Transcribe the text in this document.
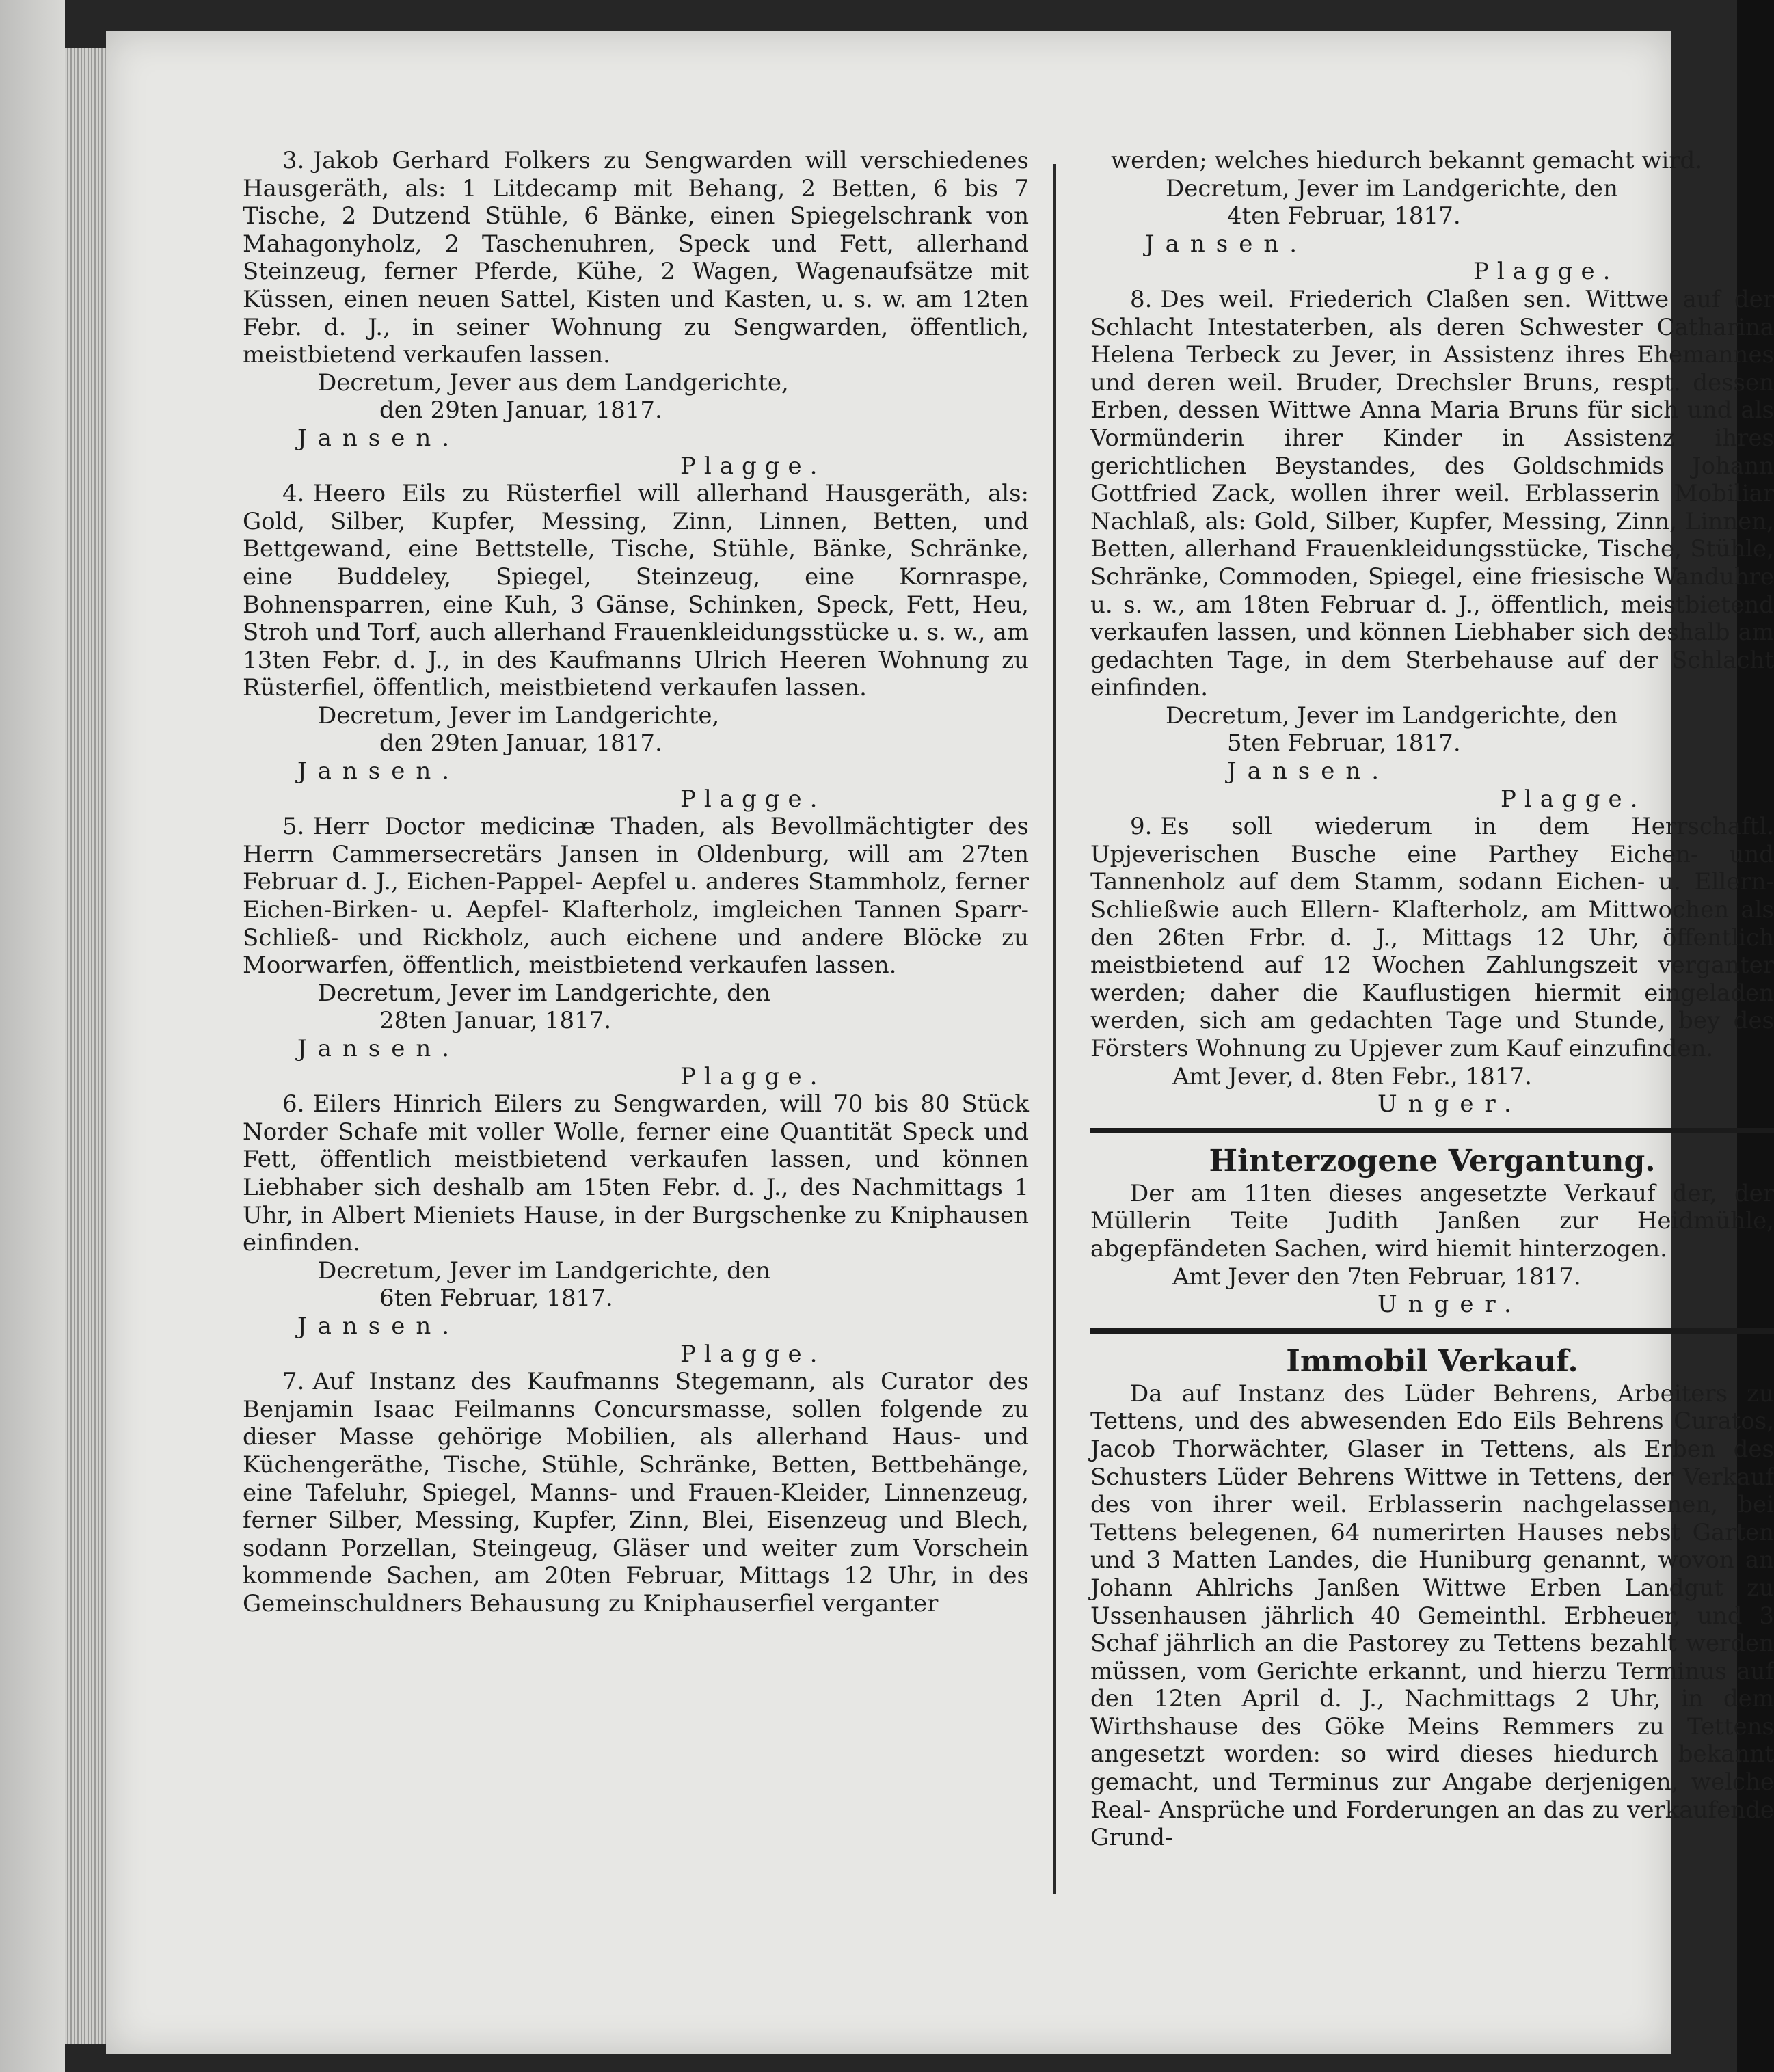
3. Jakob Gerhard Folkers zu Sengwarden will verschiedenes Hausgeräth, als: 1 Litdecamp mit Behang, 2 Betten, 6 bis 7 Tische, 2 Dutzend Stühle, 6 Bänke, einen Spiegelschrank von Mahagonyholz, 2 Taschenuhren, Speck und Fett, allerhand Steinzeug, ferner Pferde, Kühe, 2 Wagen, Wagenaufsätze mit Küssen, einen neuen Sattel, Kisten und Kasten, u. s. w. am 12ten Febr. d. J., in seiner Wohnung zu Sengwarden, öffentlich, meistbietend verkaufen lassen.

Decretum, Jever aus dem Landgerichte,

den 29ten Januar, 1817.

Jansen.

Plagge.

4. Heero Eils zu Rüsterfiel will allerhand Hausgeräth, als: Gold, Silber, Kupfer, Messing, Zinn, Linnen, Betten, und Bettgewand, eine Bettstelle, Tische, Stühle, Bänke, Schränke, eine Buddeley, Spiegel, Steinzeug, eine Kornraspe, Bohnensparren, eine Kuh, 3 Gänse, Schinken, Speck, Fett, Heu, Stroh und Torf, auch allerhand Frauenkleidungsstücke u. s. w., am 13ten Febr. d. J., in des Kaufmanns Ulrich Heeren Wohnung zu Rüsterfiel, öffentlich, meistbietend verkaufen lassen.

Decretum, Jever im Landgerichte,

den 29ten Januar, 1817.

Jansen.

Plagge.

5. Herr Doctor medicinæ Thaden, als Bevollmächtigter des Herrn Cammersecretärs Jansen in Oldenburg, will am 27ten Februar d. J., Eichen-Pappel- Aepfel u. anderes Stammholz, ferner Eichen-Birken- u. Aepfel- Klafterholz, imgleichen Tannen Sparr- Schließ- und Rickholz, auch eichene und andere Blöcke zu Moorwarfen, öffentlich, meistbietend verkaufen lassen.

Decretum, Jever im Landgerichte, den

28ten Januar, 1817.

Jansen.

Plagge.

6. Eilers Hinrich Eilers zu Sengwarden, will 70 bis 80 Stück Norder Schafe mit voller Wolle, ferner eine Quantität Speck und Fett, öffentlich meistbietend verkaufen lassen, und können Liebhaber sich deshalb am 15ten Febr. d. J., des Nachmittags 1 Uhr, in Albert Mieniets Hause, in der Burgschenke zu Kniphausen einfinden.

Decretum, Jever im Landgerichte, den

6ten Februar, 1817.

Jansen.

Plagge.

7. Auf Instanz des Kaufmanns Stegemann, als Curator des Benjamin Isaac Feilmanns Concursmasse, sollen folgende zu dieser Masse gehörige Mobilien, als allerhand Haus- und Küchengeräthe, Tische, Stühle, Schränke, Betten, Bettbehänge, eine Tafeluhr, Spiegel, Manns- und Frauen-Kleider, Linnenzeug, ferner Silber, Messing, Kupfer, Zinn, Blei, Eisenzeug und Blech, sodann Porzellan, Steingeug, Gläser und weiter zum Vorschein kommende Sachen, am 20ten Februar, Mittags 12 Uhr, in des Gemeinschuldners Behausung zu Kniphauserfiel verganter

werden; welches hiedurch bekannt gemacht wird.

Decretum, Jever im Landgerichte, den

4ten Februar, 1817.

Jansen.

Plagge.

8. Des weil. Friederich Claßen sen. Wittwe auf der Schlacht Intestaterben, als deren Schwester Catharina Helena Terbeck zu Jever, in Assistenz ihres Ehemannes und deren weil. Bruder, Drechsler Bruns, respt. dessen Erben, dessen Wittwe Anna Maria Bruns für sich und als Vormünderin ihrer Kinder in Assistenz ihres gerichtlichen Beystandes, des Goldschmids Johann Gottfried Zack, wollen ihrer weil. Erblasserin Mobiliar Nachlaß, als: Gold, Silber, Kupfer, Messing, Zinn, Linnen, Betten, allerhand Frauenkleidungsstücke, Tische, Stühle, Schränke, Commoden, Spiegel, eine friesische Wanduhre u. s. w., am 18ten Februar d. J., öffentlich, meistbietend verkaufen lassen, und können Liebhaber sich deshalb am gedachten Tage, in dem Sterbehause auf der Schlacht einfinden.

Decretum, Jever im Landgerichte, den

5ten Februar, 1817.

Jansen.

Plagge.

9. Es soll wiederum in dem Herrschaftl. Upjeverischen Busche eine Parthey Eichen- und Tannenholz auf dem Stamm, sodann Eichen- u. Ellern- Schließwie auch Ellern- Klafterholz, am Mittwochen als den 26ten Frbr. d. J., Mittags 12 Uhr, öffentlich meistbietend auf 12 Wochen Zahlungszeit verganter werden; daher die Kauflustigen hiermit eingeladen werden, sich am gedachten Tage und Stunde, bey des Försters Wohnung zu Upjever zum Kauf einzufinden.

Amt Jever, d. 8ten Febr., 1817.

Unger.

Hinterzogene Vergantung.

Der am 11ten dieses angesetzte Verkauf der, der Müllerin Teite Judith Janßen zur Heidmühle, abgepfändeten Sachen, wird hiemit hinterzogen.

Amt Jever den 7ten Februar, 1817.

Unger.

Immobil Verkauf.

Da auf Instanz des Lüder Behrens, Arbeiters zu Tettens, und des abwesenden Edo Eils Behrens Curatos, Jacob Thorwächter, Glaser in Tettens, als Erben des Schusters Lüder Behrens Wittwe in Tettens, der Verkauf des von ihrer weil. Erblasserin nachgelassenen, bei Tettens belegenen, 64 numerirten Hauses nebst Garten und 3 Matten Landes, die Huniburg genannt, wovon an Johann Ahlrichs Janßen Wittwe Erben Landgut zu Ussenhausen jährlich 40 Gemeinthl. Erbheuer, und 3 Schaf jährlich an die Pastorey zu Tettens bezahlt werden müssen, vom Gerichte erkannt, und hierzu Terminus auf den 12ten April d. J., Nachmittags 2 Uhr, in dem Wirthshause des Göke Meins Remmers zu Tettens angesetzt worden: so wird dieses hiedurch bekannt gemacht, und Terminus zur Angabe derjenigen, welche Real- Ansprüche und Forderungen an das zu verkaufende Grund-
